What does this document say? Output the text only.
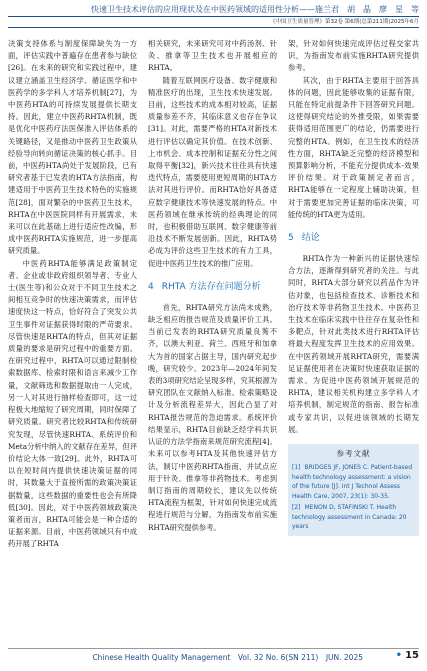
快速卫生技术评估的应用现状及在中医药领域的适用性分析——施兰君　胡　晶　廖　星　等
《中国卫生质量管理》第32卷 第6期(总第211期)2025年6月

决策支持体系与制度保障缺失为一方面，评估实践中普遍存在患者参与缺位[26]。在未来的研究和实践过程中，建议建立涵盖卫生经济学、循证医学和中医药学的多学科人才培养机制[27]，为中医药HTA的可持续发展提供长期支持。因此，建立中医药RHTA机制，既是优化中医药疗法医保准入评估体系的关键路径，又是推动中医药卫生政策从经验导向转向循证决策的核心抓手。目前，中医药HTA尚处于发展阶段，已有研究者基于已发表的HTA方法指南，构建适用于中医药卫生技术特色的实施规范[28]，面对繁杂的中医药卫生技术，RHTA在中医医院同样有开展需求，未来可以在此基础上进行适应性改编，形成中医药RHTA实施规范，进一步提高研究质量。

中医药RHTA能够满足政策制定者、企业或非政府组织领导者、专业人士(医生等)和公众对于不同卫生技术之间相互竞争时的快速决策需求，而评估速度快这一特点，恰好符合了突发公共卫生事件对证据获得时限的严苛要求。尽管快速是RHTA的特点，但其对证据质量的要求是研究过程中的重要方面。在研究过程中，RHTA可以通过限制检索数据库、检索时限和语言来减少工作量，文献筛选和数据提取由一人完成，另一人对其进行抽样检查即可，这一过程极大地缩短了研究周期，同时保障了研究质量。研究者比较RHTA和传统研究发现，尽管快速RHTA、系统评价和Meta分析中纳入的文献存在差异，但评价结论大体一致[29]。此外，RHTA可以在短时间内提供快速决策证据的同时，其数量大于直接所需的政策决策证据数量，这些数据的重要性也会有所降低[30]。因此，对于中医药领域政策决策者而言，RHTA可能会是一种合适的证据来源。目前，中医药领域只有中成药开展了RHTA

相关研究，未来研究可对中药汤剂、针灸、推拿等卫生技术也开展相应的RHTA。

随着互联网医疗设备、数字健康和精准医疗的出现，卫生技术快速发展。目前，这些技术的成本相对较高，证据质量参差不齐，其临床意义也存在争议[31]。对此，需要严格的HTA对新技术进行评估以确定其价值。在技术创新、上市机会、成本控制和证据充分性之间取得平衡[32]，新兴技术往往具有快速迭代特点，需要使用更短周期的HTA方法对其进行评价。而RHTA恰好具备适应数字健康技术等快速发展的特点。中医药领域在继承传统的经典理论的同时，也积极借助互联网、数字健康等前沿技术不断发展创新。因此，RHTA势必成为评价这些卫生技术的有力工具，促进中医药卫生技术的推广应用。

4 RHTA 方法存在问题分析

首先，RHTA研究方法尚未成熟，缺乏相应的报告规范及质量评价工具。当前已发表的RHTA研究质量良莠不齐，以澳大利亚、荷兰、西班牙和加拿大为首的国家占据主导，国内研究起步晚，研究较少。2023年—2024年间发表的3项研究结论呈现多样，究其根源为研究团队在文献纳入标准、检索策略设计及分析流程差异大，因此凸显了对RHTA报告规范的急迫需求。系统评价结果显示，RHTA目前缺乏经学科共识认证的方法学指南来规范研究流程[4]。未来可以参考HTA及其他快速评估方法，制订中医药RHTA指南，并试点应用于针灸、推拿等非药物技术。考虑到制订指南的周期较长，建议先以传统HTA流程为框架，针对如何快速完成流程进行规范与分解，为指南发布前实施RHTA研究提供参考。

架，针对如何快速完成评估过程交家共识，为指南发布前实施RHTA研究提供参考。

其次，由于RHTA主要用于回答具体的问题，因此能够收集的证据有限，只能在特定前提条件下回答研究问题。这使得研究结论的外推受限，如果需要获得适用范围更广的结论，仍需要进行完整的HTA。例如，在卫生技术的经济性方面，RHTA缺乏完整的经济模型和预算影响分析，不能充分提供成本-效果评价结果。对于政策制定者而言，RHTA能够在一定程度上辅助决策，但对于需要更加完善证据的临床决策，可能传统的HTA更为适用。

5 结论

RHTA作为一种新兴的证据快速综合方法，逐渐得到研究者的关注。与此同时，RHTA大部分研究以药品作为评估对象，也包括检查技术、诊断技术和治疗技术等非药物卫生技术。中医药卫生技术在临床实践中往往存在复杂性和多靶点，针对此类技术进行RHTA评估将最大程度发挥卫生技术的应用效果。在中医药领域开展RHTA研究，需要满足证据使用者在决策时快速获取证据的需求。为促进中医药领域开展规范的RHTA，建议相关机构建立多学科人才培养机制，制定规范的指南、报告标准或专家共识，以促进该领域的长期发展。

参考文献
[1] BRIDGES JF, JONES C. Patient-based health technology assessment: a vision of the future [J]. Int J Technol Assess Health Care, 2007, 23(1): 30-35.
[2] MENON D, STAFINSKI T. Health technology assessment in Canada: 20 years
Chinese Health Quality Management　Vol. 32 No. 6(SN 211)　JUN. 2025	• 15
